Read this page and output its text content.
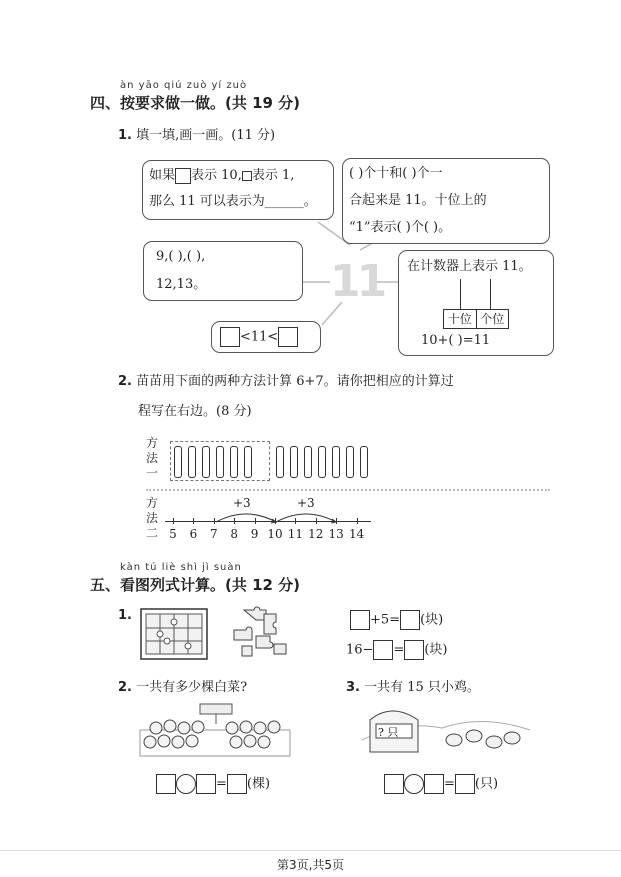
àn yāo qiú zuò yí zuò
四、按要求做一做。(共 19 分)
1. 填一填,画一画。(11 分)
如果 表示 10, 表示 1,
那么 11 可以表示为______。
( )个十和( )个一
合起来是 11。十位上的
“1”表示( )个( )。
9,( ),( ),
12,13。	11 在计数器上表示 11。
十位 个位
10+( )=11
<11<
2. 苗苗用下面的两种方法计算 6+7。请你把相应的计算过
程写在右边。(8 分)
方法一
方法二
+3	+3
5	6	7	8	9 10 11 12 13 14
kàn tú liè shì jì suàn
五、看图列式计算。(共 12 分)
1.	+5= (块)
16− = (块)
2. 一共有多少棵白菜?
= (棵)
3. 一共有 15 只小鸡。
? 只
= (只)
第3页,共5页
